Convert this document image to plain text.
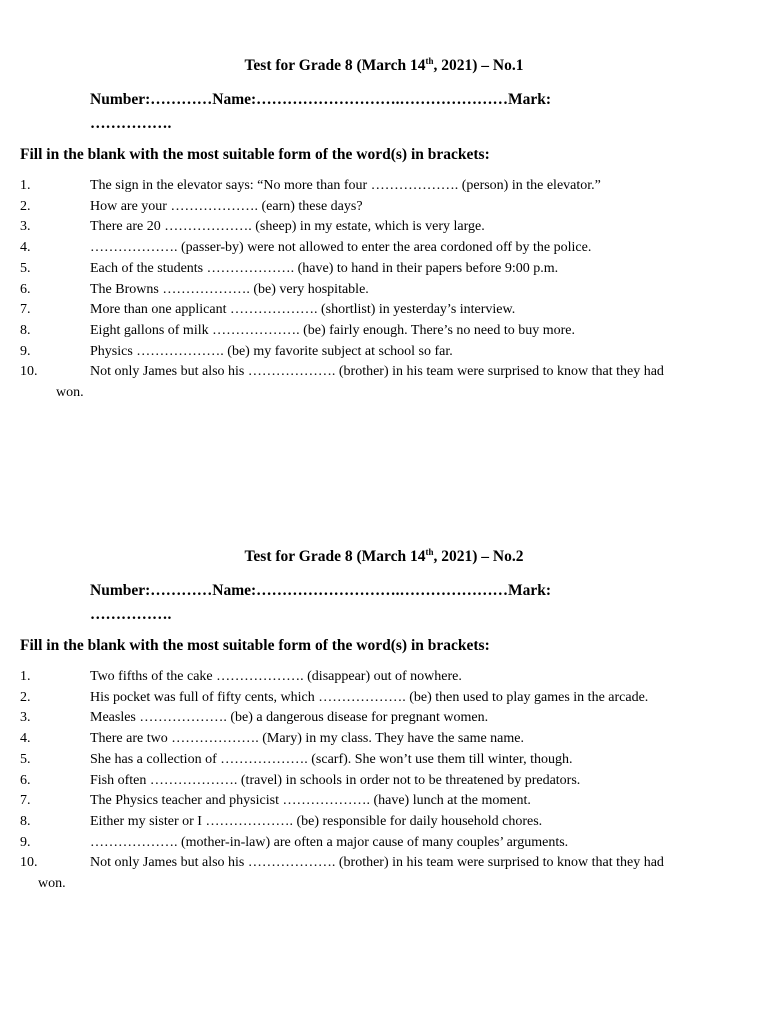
Test for Grade 8 (March 14th, 2021) – No.1
Number:…………Name:……………………….…………………Mark: …………….
Fill in the blank with the most suitable form of the word(s) in brackets:
1.	The sign in the elevator says: “No more than four ………………. (person) in the elevator.”
2.	How are your ………………. (earn) these days?
3.	There are 20 ………………. (sheep) in my estate, which is very large.
4.	………………. (passer-by) were not allowed to enter the area cordoned off by the police.
5.	Each of the students ………………. (have) to hand in their papers before 9:00 p.m.
6.	The Browns ………………. (be) very hospitable.
7.	More than one applicant ………………. (shortlist) in yesterday’s interview.
8.	Eight gallons of milk ………………. (be) fairly enough. There’s no need to buy more.
9.	Physics ………………. (be) my favorite subject at school so far.
10.	Not only James but also his ………………. (brother) in his team were surprised to know that they had
won.
Test for Grade 8 (March 14th, 2021) – No.2
Number:…………Name:……………………….…………………Mark: …………….
Fill in the blank with the most suitable form of the word(s) in brackets:
1.	Two fifths of the cake ………………. (disappear) out of nowhere.
2.	His pocket was full of fifty cents, which ………………. (be) then used to play games in the arcade.
3.	Measles ………………. (be) a dangerous disease for pregnant women.
4.	There are two ………………. (Mary) in my class. They have the same name.
5.	She has a collection of ………………. (scarf). She won’t use them till winter, though.
6.	Fish often ………………. (travel) in schools in order not to be threatened by predators.
7.	The Physics teacher and physicist ………………. (have) lunch at the moment.
8.	Either my sister or I ………………. (be) responsible for daily household chores.
9.	………………. (mother-in-law) are often a major cause of many couples’ arguments.
10.	Not only James but also his ………………. (brother) in his team were surprised to know that they had
won.
